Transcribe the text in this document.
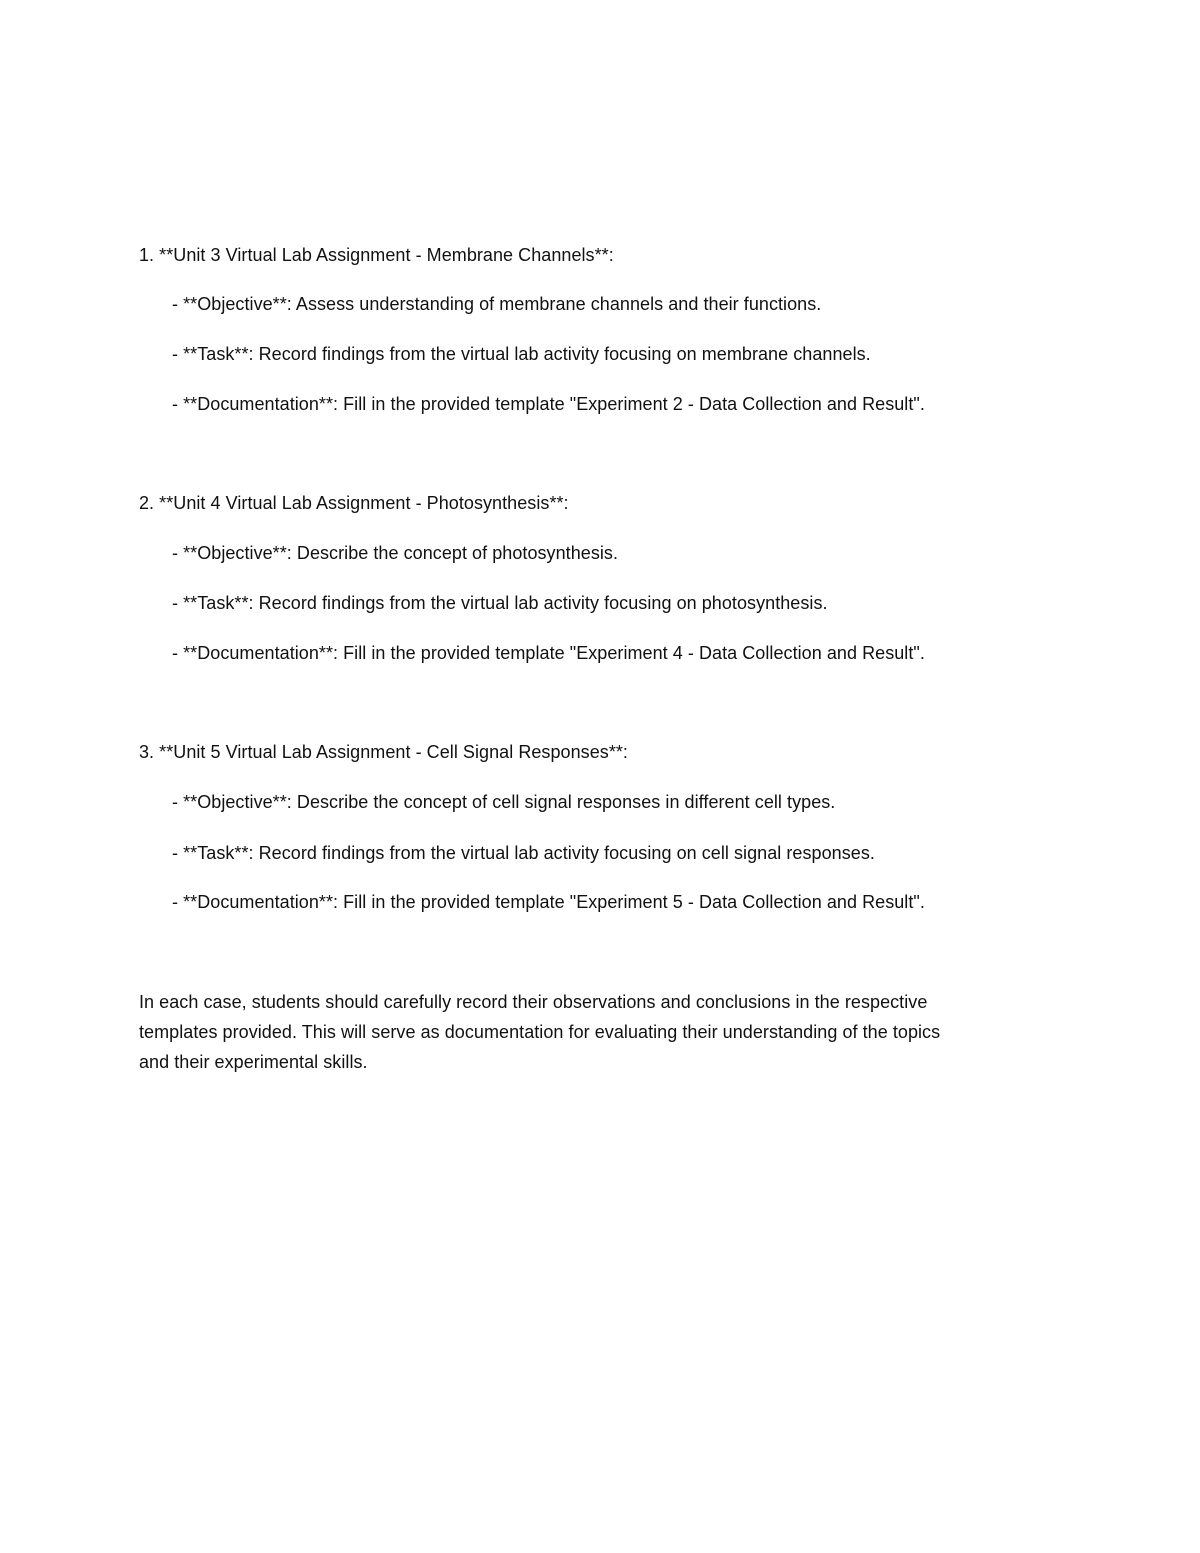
1. **Unit 3 Virtual Lab Assignment - Membrane Channels**:
- **Objective**: Assess understanding of membrane channels and their functions.
- **Task**: Record findings from the virtual lab activity focusing on membrane channels.
- **Documentation**: Fill in the provided template "Experiment 2 - Data Collection and Result".
2. **Unit 4 Virtual Lab Assignment - Photosynthesis**:
- **Objective**: Describe the concept of photosynthesis.
- **Task**: Record findings from the virtual lab activity focusing on photosynthesis.
- **Documentation**: Fill in the provided template "Experiment 4 - Data Collection and Result".
3. **Unit 5 Virtual Lab Assignment - Cell Signal Responses**:
- **Objective**: Describe the concept of cell signal responses in different cell types.
- **Task**: Record findings from the virtual lab activity focusing on cell signal responses.
- **Documentation**: Fill in the provided template "Experiment 5 - Data Collection and Result".
In each case, students should carefully record their observations and conclusions in the respective
templates provided. This will serve as documentation for evaluating their understanding of the topics
and their experimental skills.
